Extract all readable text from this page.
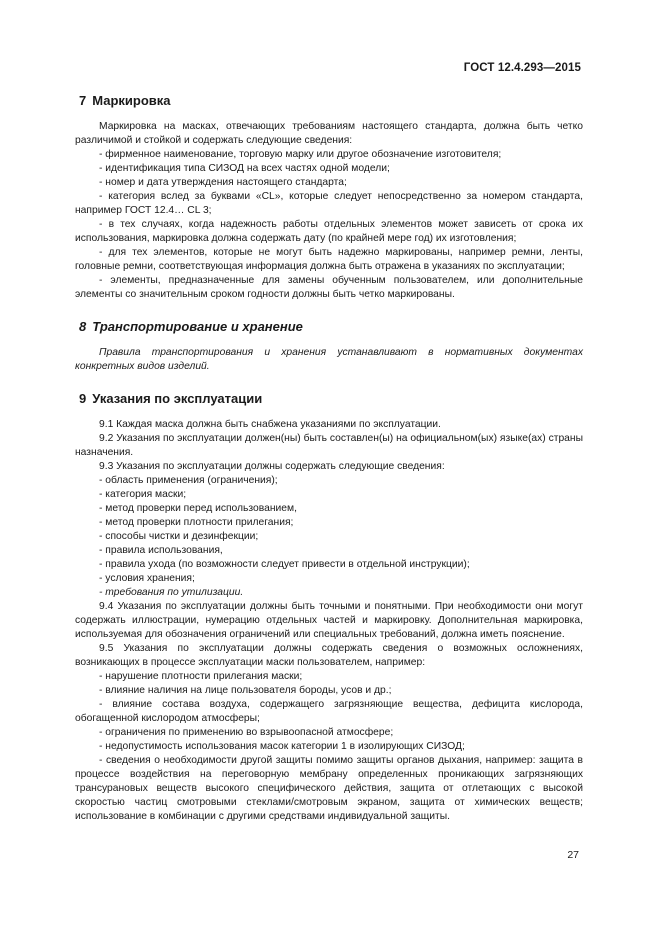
ГОСТ 12.4.293—2015
7 Маркировка

Маркировка на масках, отвечающих требованиям настоящего стандарта, должна быть четко различимой и стойкой и содержать следующие сведения:

- фирменное наименование, торговую марку или другое обозначение изготовителя;

- идентификация типа СИЗОД на всех частях одной модели;

- номер и дата утверждения настоящего стандарта;

- категория вслед за буквами «CL», которые следует непосредственно за номером стандарта, например ГОСТ 12.4… CL 3;

- в тех случаях, когда надежность работы отдельных элементов может зависеть от срока их использования, маркировка должна содержать дату (по крайней мере год) их изготовления;

- для тех элементов, которые не могут быть надежно маркированы, например ремни, ленты, головные ремни, соответствующая информация должна быть отражена в указаниях по эксплуатации;

- элементы, предназначенные для замены обученным пользователем, или дополнительные элементы со значительным сроком годности должны быть четко маркированы.

8 Транспортирование и хранение

Правила транспортирования и хранения устанавливают в нормативных документах конкретных видов изделий.

9 Указания по эксплуатации

9.1 Каждая маска должна быть снабжена указаниями по эксплуатации.

9.2 Указания по эксплуатации должен(ны) быть составлен(ы) на официальном(ых) языке(ах) страны назначения.

9.3 Указания по эксплуатации должны содержать следующие сведения:

- область применения (ограничения);

- категория маски;

- метод проверки перед использованием,

- метод проверки плотности прилегания;

- способы чистки и дезинфекции;

- правила использования,

- правила ухода (по возможности следует привести в отдельной инструкции);

- условия хранения;

- требования по утилизации.

9.4 Указания по эксплуатации должны быть точными и понятными. При необходимости они могут содержать иллюстрации, нумерацию отдельных частей и маркировку. Дополнительная маркировка, используемая для обозначения ограничений или специальных требований, должна иметь пояснение.

9.5 Указания по эксплуатации должны содержать сведения о возможных осложнениях, возникающих в процессе эксплуатации маски пользователем, например:

- нарушение плотности прилегания маски;

- влияние наличия на лице пользователя бороды, усов и др.;

- влияние состава воздуха, содержащего загрязняющие вещества, дефицита кислорода, обогащенной кислородом атмосферы;

- ограничения по применению во взрывоопасной атмосфере;

- недопустимость использования масок категории 1 в изолирующих СИЗОД;

- сведения о необходимости другой защиты помимо защиты органов дыхания, например: защита в процессе воздействия на переговорную мембрану определенных проникающих загрязняющих трансурановых веществ высокого специфического действия, защита от отлетающих с высокой скоростью частиц смотровыми стеклами/смотровым экраном, защита от химических веществ; использование в комбинации с другими средствами индивидуальной защиты.

27
